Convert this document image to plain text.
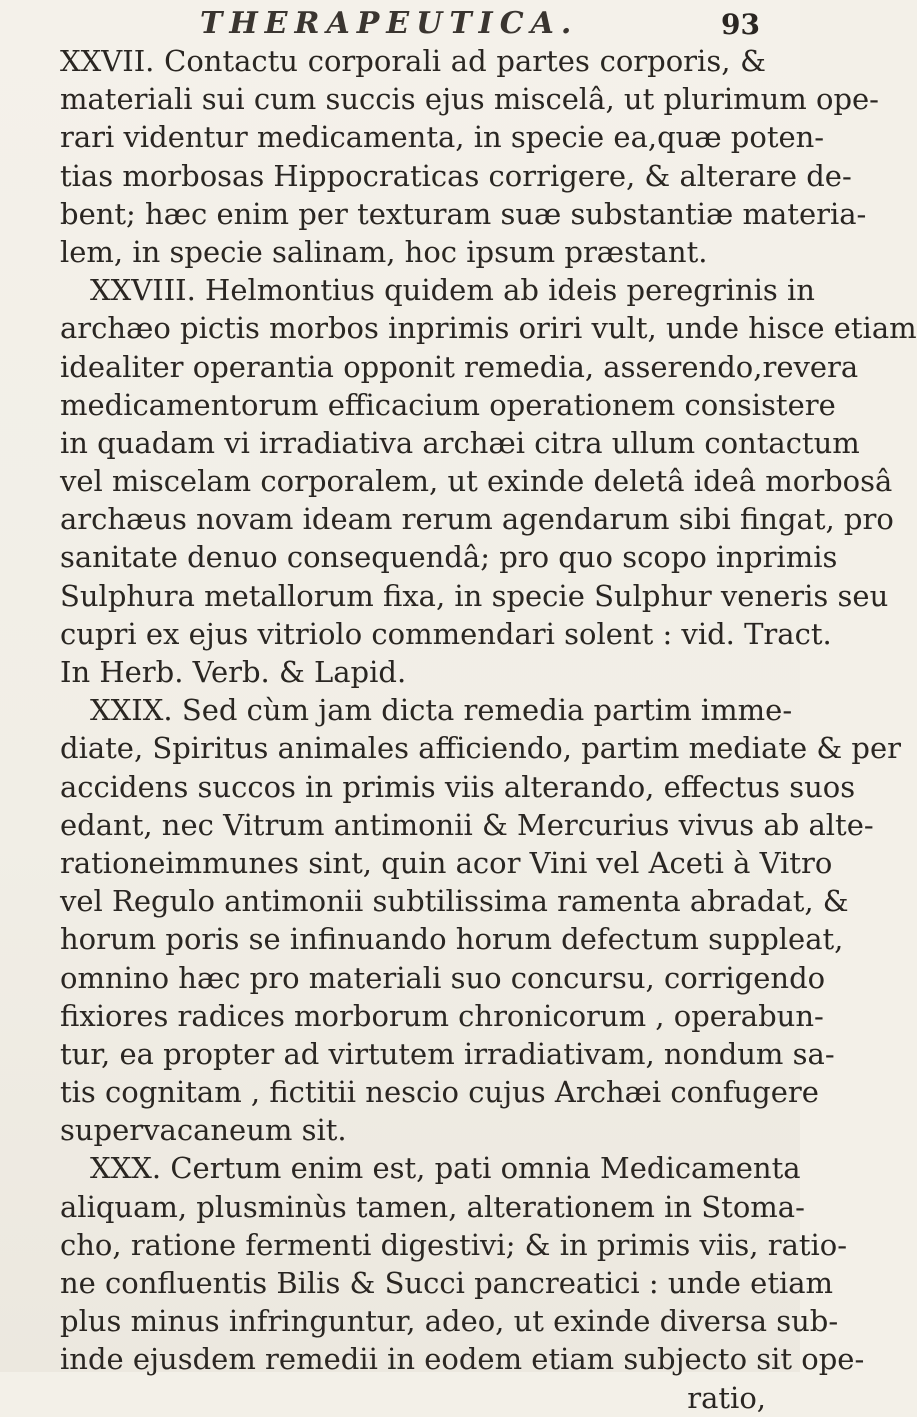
THERAPEUTICA.	93
XXVII. Contactu corporali ad partes corporis, &
materiali sui cum succis ejus miscelâ, ut plurimum ope-
rari videntur medicamenta, in specie ea,quæ poten-
tias morbosas Hippocraticas corrigere, & alterare de-
bent; hæc enim per texturam suæ substantiæ materia-
lem, in specie salinam, hoc ipsum præstant.
XXVIII. Helmontius quidem ab ideis peregrinis in
archæo pictis morbos inprimis oriri vult, unde hisce etiam
idealiter operantia opponit remedia, asserendo,revera
medicamentorum efficacium operationem consistere
in quadam vi irradiativa archæi citra ullum contactum
vel miscelam corporalem, ut exinde deletâ ideâ morbosâ
archæus novam ideam rerum agendarum sibi fingat, pro
sanitate denuo consequendâ; pro quo scopo inprimis
Sulphura metallorum fixa, in specie Sulphur veneris seu
cupri ex ejus vitriolo commendari solent : vid. Tract.
In Herb. Verb. & Lapid.
XXIX. Sed cùm jam dicta remedia partim imme-
diate, Spiritus animales afficiendo, partim mediate & per
accidens succos in primis viis alterando, effectus suos
edant, nec Vitrum antimonii & Mercurius vivus ab alte-
rationeimmunes sint, quin acor Vini vel Aceti à Vitro
vel Regulo antimonii subtilissima ramenta abradat, &
horum poris se infinuando horum defectum suppleat,
omnino hæc pro materiali suo concursu, corrigendo
fixiores radices morborum chronicorum , operabun-
tur, ea propter ad virtutem irradiativam, nondum sa-
tis cognitam , fictitii nescio cujus Archæi confugere
supervacaneum sit.
XXX. Certum enim est, pati omnia Medicamenta
aliquam, plusminùs tamen, alterationem in Stoma-
cho, ratione fermenti digestivi; & in primis viis, ratio-
ne confluentis Bilis & Succi pancreatici : unde etiam
plus minus infringuntur, adeo, ut exinde diversa sub-
inde ejusdem remedii in eodem etiam subjecto sit ope-
ratio,
